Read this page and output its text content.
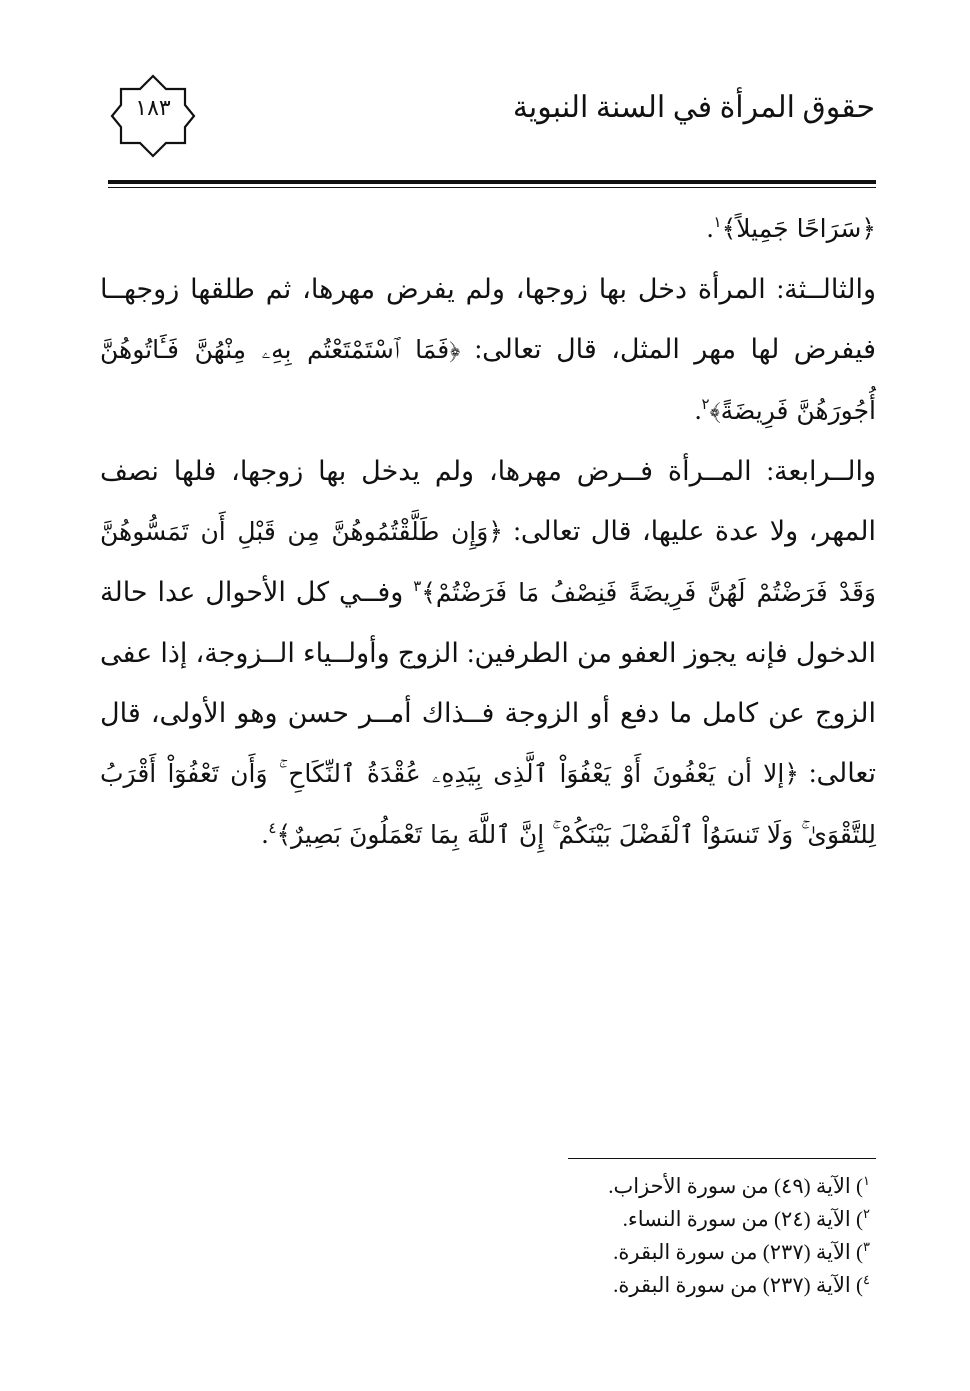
حقوق المرأة في السنة النبوية
١٨٣

﴿سَرَاحًا جَمِيلاً﴾$^١$.

والثالــثة: المرأة دخل بها زوجها، ولم يفرض مهرها، ثم طلقها زوجهــا فيفرض لها مهر المثل، قال تعالى: ﴿فَمَا ٱسْتَمْتَعْتُم بِهِۦ مِنْهُنَّ فَـَٔاتُوهُنَّ أُجُورَهُنَّ فَرِيضَةً﴾$^٢$.

والــرابعة: المــرأة فــرض مهرها، ولم يدخل بها زوجها، فلها نصف المهر، ولا عدة عليها، قال تعالى: ﴿وَإِن طَلَّقْتُمُوهُنَّ مِن قَبْلِ أَن تَمَسُّوهُنَّ وَقَدْ فَرَضْتُمْ لَهُنَّ فَرِيضَةً فَنِصْفُ مَا فَرَضْتُمْ﴾$^٣$ وفــي كل الأحوال عدا حالة الدخول فإنه يجوز العفو من الطرفين: الزوج وأولــياء الــزوجة، إذا عفى الزوج عن كامل ما دفع أو الزوجة فــذاك أمــر حسن وهو الأولى، قال تعالى: ﴿إلا أن يَعْفُونَ أَوْ يَعْفُوَاْ ٱلَّذِى بِيَدِهِۦ عُقْدَةُ ٱلنِّكَاحِ ۚ وَأَن تَعْفُوٓاْ أَقْرَبُ لِلتَّقْوَىٰ ۚ وَلَا تَنسَوُاْ ٱلْفَضْلَ بَيْنَكُمْ ۚ إِنَّ ٱللَّهَ بِمَا تَعْمَلُونَ بَصِيرٌ﴾$^٤$.

$^١$) الآية (٤٩) من سورة الأحزاب.
$^٢$) الآية (٢٤) من سورة النساء.
$^٣$) الآية (٢٣٧) من سورة البقرة.
$^٤$) الآية (٢٣٧) من سورة البقرة.
